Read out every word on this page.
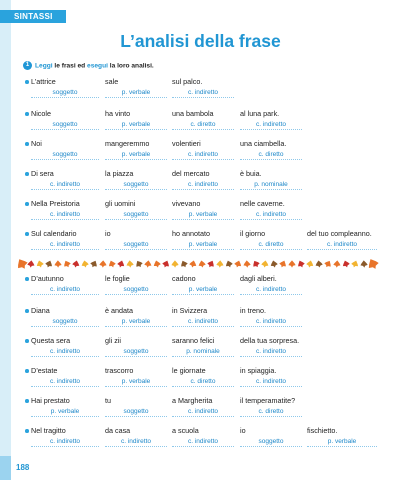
SINTASSI
L’analisi della frase
1 Leggi le frasi ed esegui la loro analisi.
L’attrice
soggetto
sale
p. verbale
sul palco.
c. indiretto
Nicole
soggetto
ha vinto
p. verbale
una bambola
c. diretto
al luna park.
c. indiretto
Noi
soggetto
mangeremmo
p. verbale
volentieri
c. indiretto
una ciambella.
c. diretto
Di sera
c. indiretto
la piazza
soggetto
del mercato
c. indiretto
è buia.
p. nominale
Nella Preistoria
c. indiretto
gli uomini
soggetto
vivevano
p. verbale
nelle caverne.
c. indiretto
Sul calendario
c. indiretto
io
soggetto
ho annotato
p. verbale
il giorno
c. diretto
del tuo compleanno.
c. indiretto
D’autunno
c. indiretto
le foglie
soggetto
cadono
p. verbale
dagli alberi.
c. indiretto
Diana
soggetto
è andata
p. verbale
in Svizzera
c. indiretto
in treno.
c. indiretto
Questa sera
c. indiretto
gli zii
soggetto
saranno felici
p. nominale
della tua sorpresa.
c. indiretto
D’estate
c. indiretto
trascorro
p. verbale
le giornate
c. diretto
in spiaggia.
c. indiretto
Hai prestato
p. verbale
tu
soggetto
a Margherita
c. indiretto
il temperamatite?
c. diretto
Nel tragitto
c. indiretto
da casa
c. indiretto
a scuola
c. indiretto
io
soggetto
fischietto.
p. verbale
188
